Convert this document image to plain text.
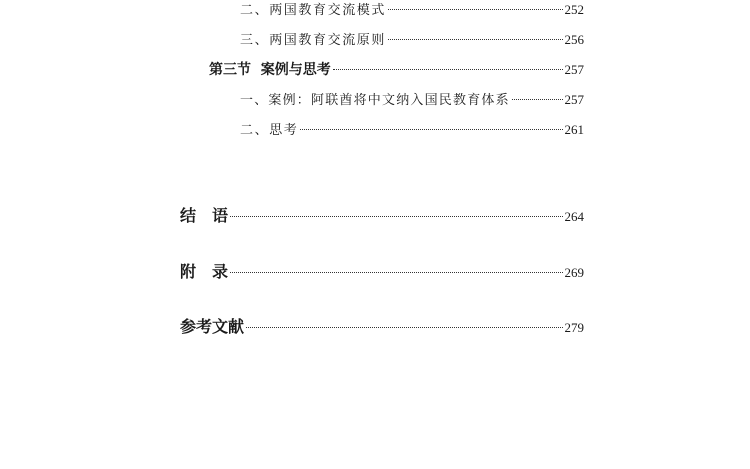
二、两国教育交流模式	252
三、两国教育交流原则	256
第三节  案例与思考	257
一、案例：阿联酋将中文纳入国民教育体系	257
二、思考	261
结语	264
附录	269
参考文献	279
